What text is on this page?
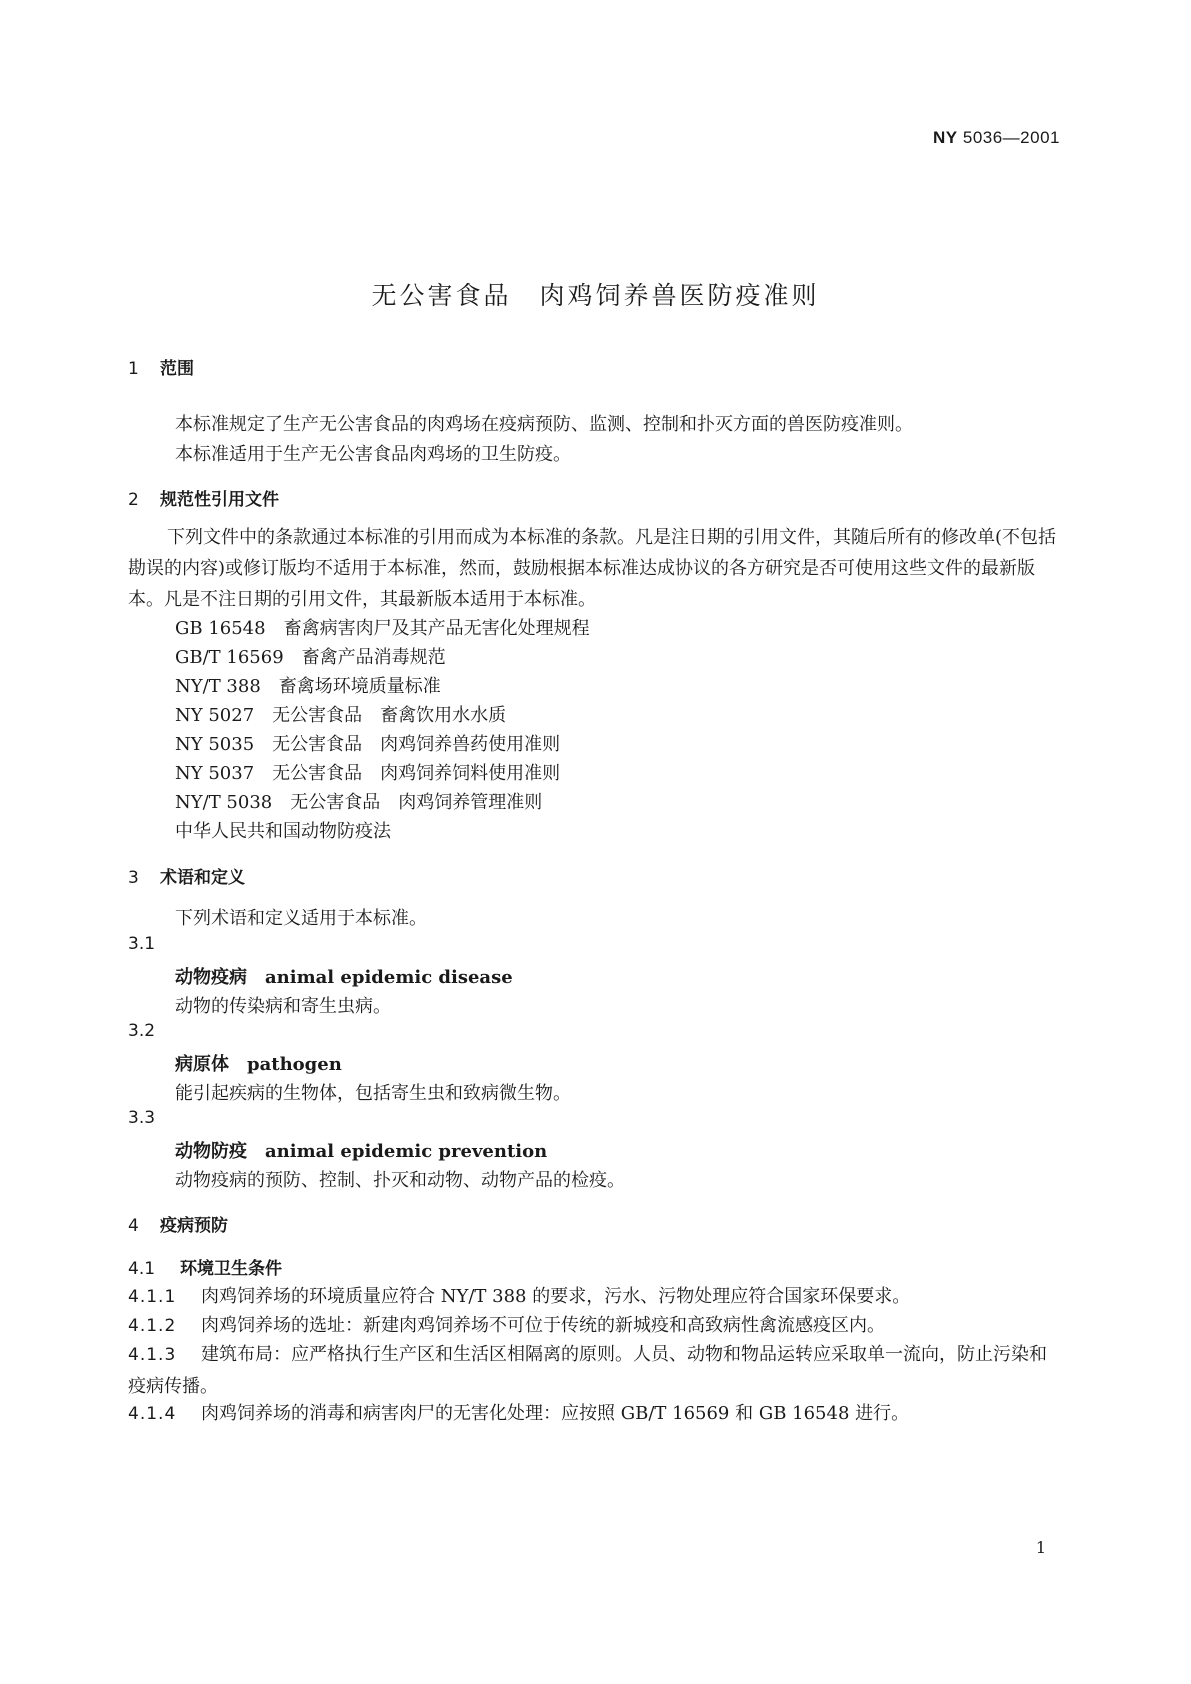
NY 5036—2001
无公害食品　肉鸡饲养兽医防疫准则
1 范围
本标准规定了生产无公害食品的肉鸡场在疫病预防、监测、控制和扑灭方面的兽医防疫准则。
本标准适用于生产无公害食品肉鸡场的卫生防疫。
2 规范性引用文件
下列文件中的条款通过本标准的引用而成为本标准的条款。凡是注日期的引用文件，其随后所有的修改单(不包括勘误的内容)或修订版均不适用于本标准，然而，鼓励根据本标准达成协议的各方研究是否可使用这些文件的最新版本。凡是不注日期的引用文件，其最新版本适用于本标准。
GB 16548　畜禽病害肉尸及其产品无害化处理规程
GB/T 16569　畜禽产品消毒规范
NY/T 388　畜禽场环境质量标准
NY 5027　无公害食品　畜禽饮用水水质
NY 5035　无公害食品　肉鸡饲养兽药使用准则
NY 5037　无公害食品　肉鸡饲养饲料使用准则
NY/T 5038　无公害食品　肉鸡饲养管理准则
中华人民共和国动物防疫法
3 术语和定义
下列术语和定义适用于本标准。
3.1
动物疫病 animal epidemic disease
动物的传染病和寄生虫病。
3.2
病原体 pathogen
能引起疾病的生物体，包括寄生虫和致病微生物。
3.3
动物防疫 animal epidemic prevention
动物疫病的预防、控制、扑灭和动物、动物产品的检疫。
4 疫病预防
4.1 环境卫生条件
4.1.1 肉鸡饲养场的环境质量应符合 NY/T 388 的要求，污水、污物处理应符合国家环保要求。
4.1.2 肉鸡饲养场的选址：新建肉鸡饲养场不可位于传统的新城疫和高致病性禽流感疫区内。
4.1.3 建筑布局：应严格执行生产区和生活区相隔离的原则。人员、动物和物品运转应采取单一流向，防止污染和疫病传播。
4.1.4 肉鸡饲养场的消毒和病害肉尸的无害化处理：应按照 GB/T 16569 和 GB 16548 进行。
1
